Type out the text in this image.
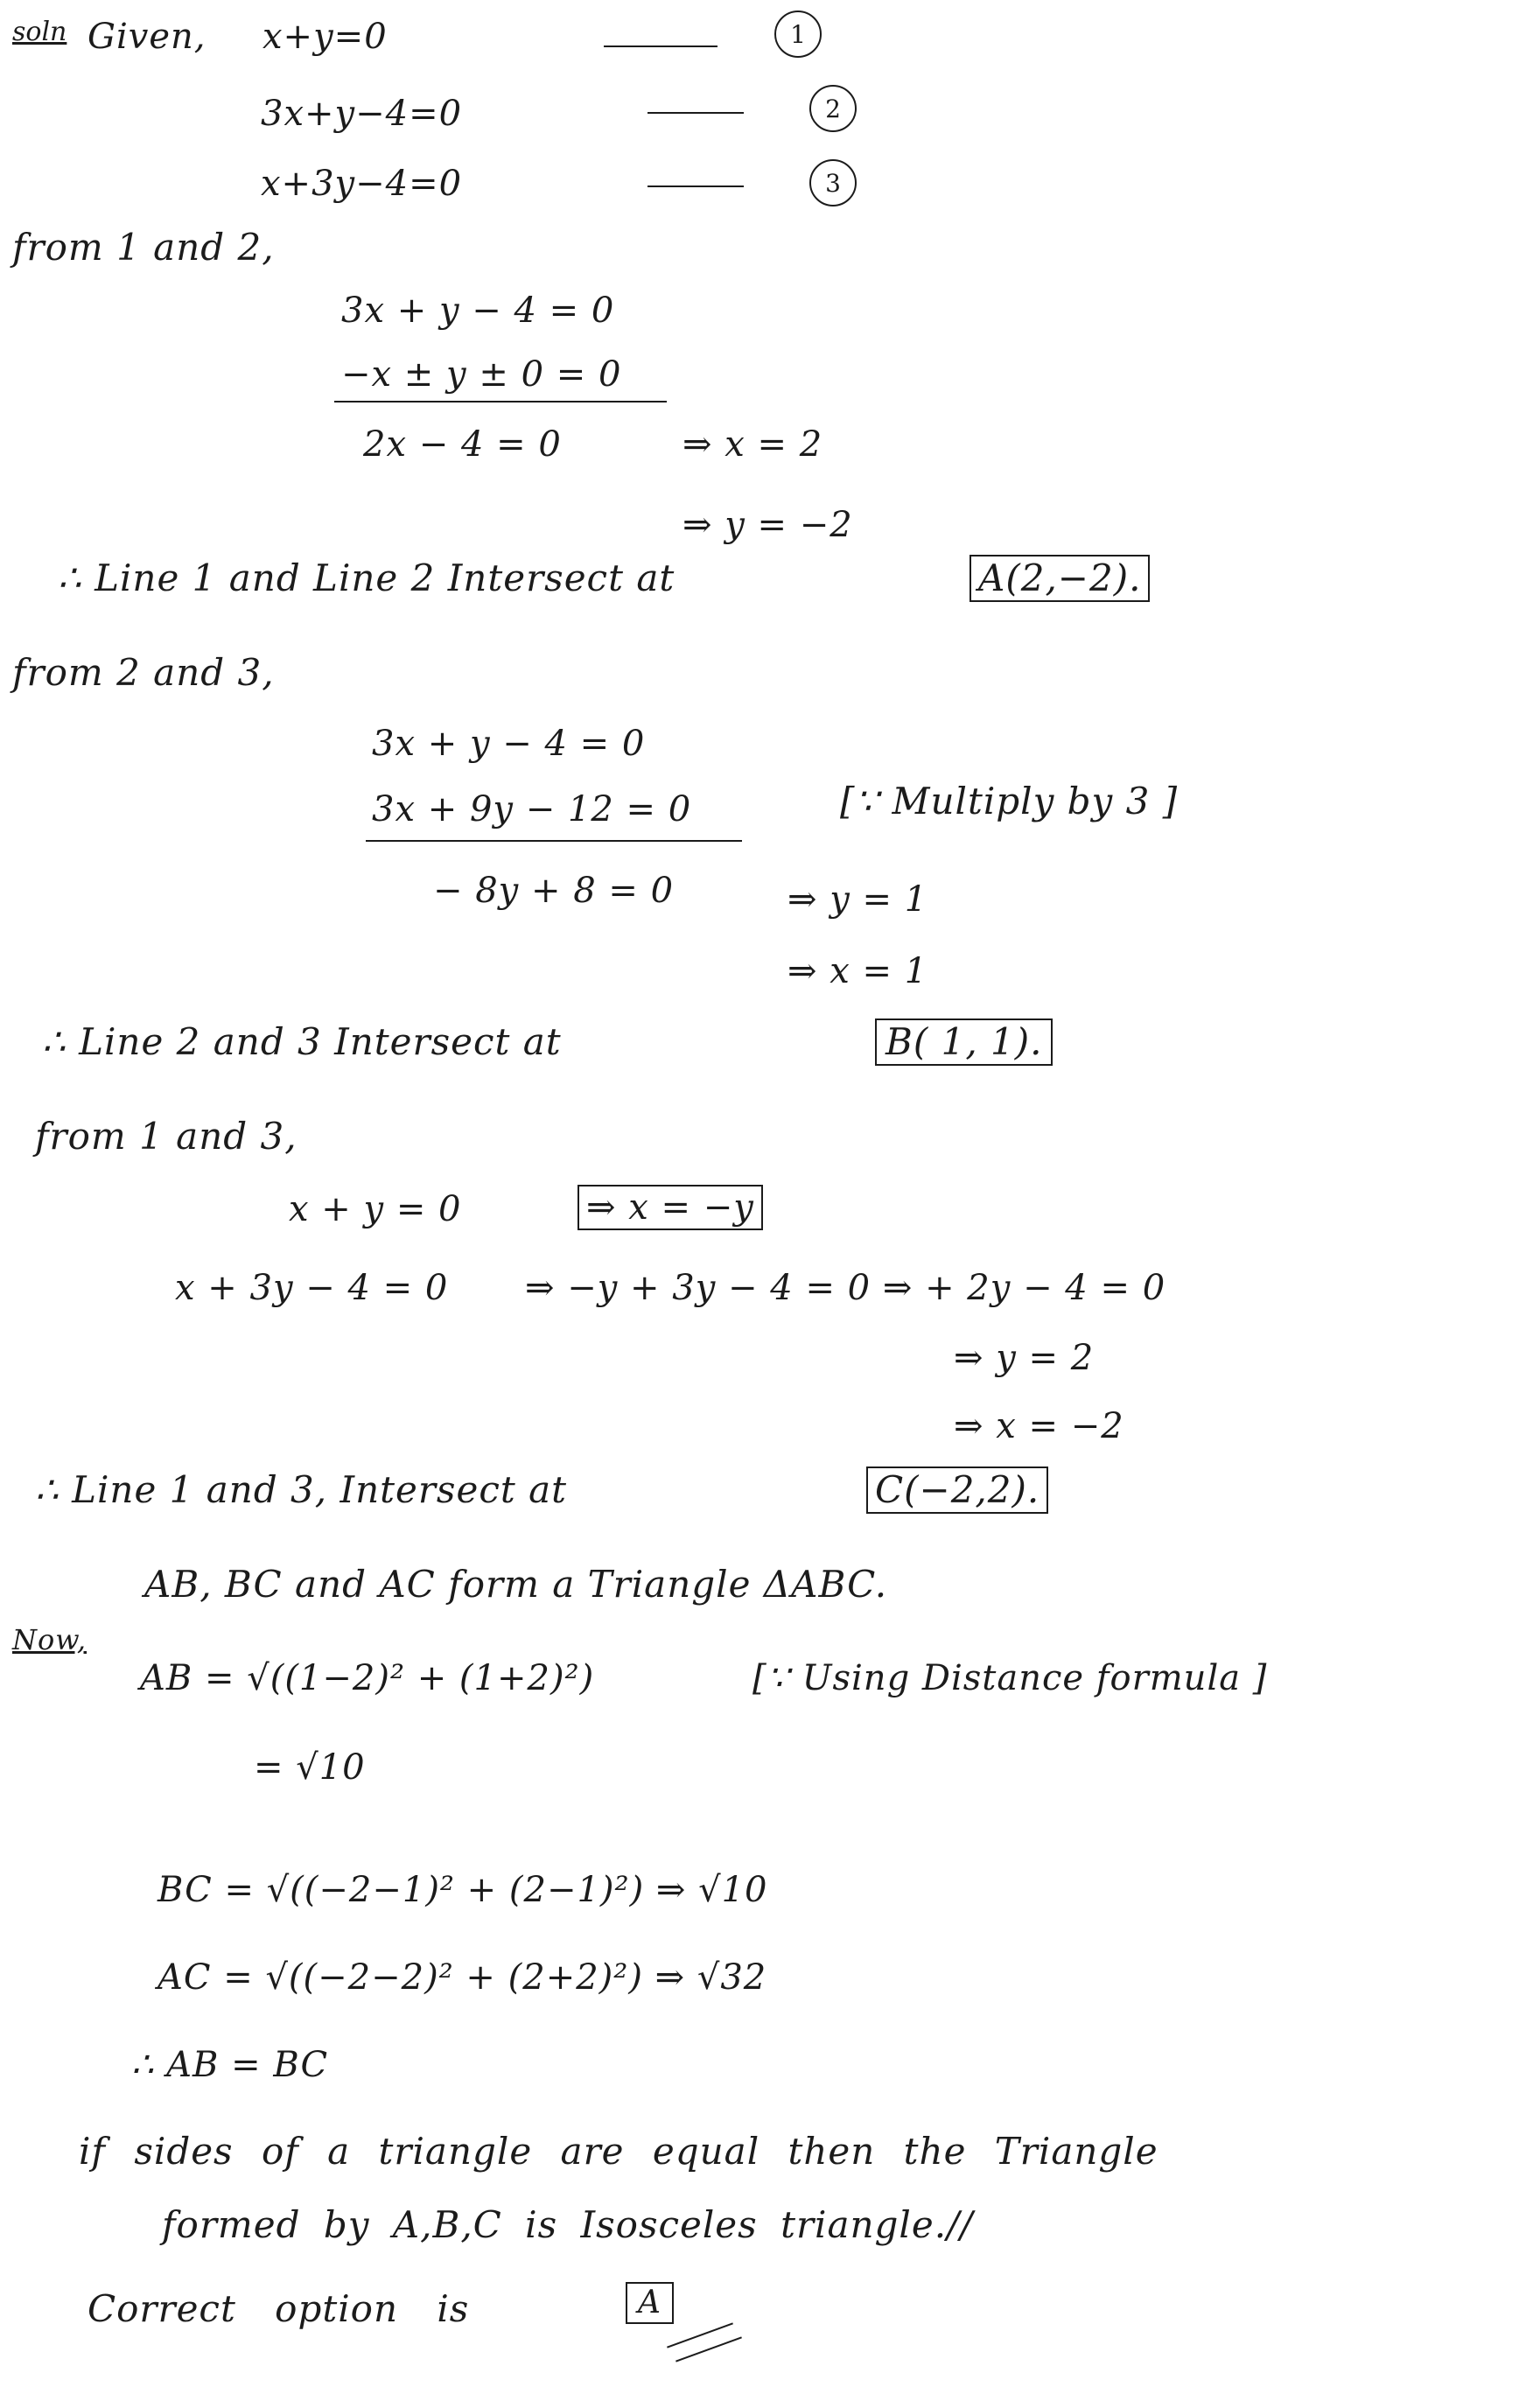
soln Given, x+y=0	1
3x+y−4=0	2
x+3y−4=0	3
from 1 and 2,
3x + y − 4 = 0
−x ± y ± 0 = 0
2x − 4 = 0	⇒ x = 2
⇒ y = −2
∴ Line 1 and Line 2 Intersect at	A(2,−2).
from 2 and 3,
3x + y − 4 = 0
3x + 9y − 12 = 0	[∵ Multiply by 3 ]
− 8y + 8 = 0	⇒ y = 1
⇒ x = 1
∴ Line 2 and 3 Intersect at	B( 1, 1).
from 1 and 3,
x + y = 0	⇒ x = −y
x + 3y − 4 = 0 ⇒ −y + 3y − 4 = 0 ⇒ + 2y − 4 = 0
⇒ y = 2
⇒ x = −2
∴ Line 1 and 3, Intersect at	C(−2,2).
AB, BC and AC form a Triangle ΔABC.
Now,
AB = √((1−2)² + (1+2)²)	[∵ Using Distance formula ]
= √10
BC = √((−2−1)² + (2−1)²) ⇒ √10
AC = √((−2−2)² + (2+2)²) ⇒ √32
∴ AB = BC
if sides of a triangle are equal then the Triangle
formed by A,B,C is Isosceles triangle.//
Correct option is	A
